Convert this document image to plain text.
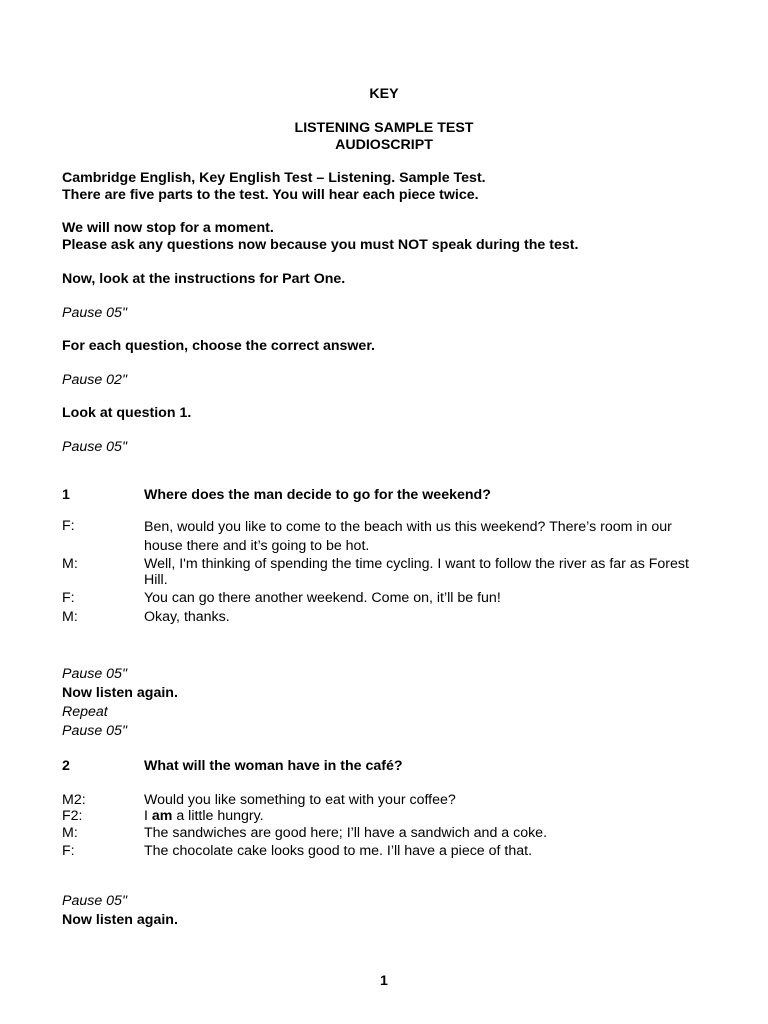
KEY
LISTENING SAMPLE TEST
AUDIOSCRIPT
Cambridge English, Key English Test – Listening. Sample Test.
There are five parts to the test. You will hear each piece twice.
We will now stop for a moment.
Please ask any questions now because you must NOT speak during the test.
Now, look at the instructions for Part One.
Pause 05"
For each question, choose the correct answer.
Pause 02"
Look at question 1.
Pause 05"
1	Where does the man decide to go for the weekend?
F:	Ben, would you like to come to the beach with us this weekend? There’s room in our house there and it’s going to be hot.
M:	Well, I'm thinking of spending the time cycling. I want to follow the river as far as Forest Hill.
F:	You can go there another weekend. Come on, it’ll be fun!
M:	Okay, thanks.
Pause 05"
Now listen again.
Repeat
Pause 05"
2	What will the woman have in the café?
M2:	Would you like something to eat with your coffee?
F2:	I am a little hungry.
M:	The sandwiches are good here; I’ll have a sandwich and a coke.
F:	The chocolate cake looks good to me. I’ll have a piece of that.
Pause 05"
Now listen again.
1
